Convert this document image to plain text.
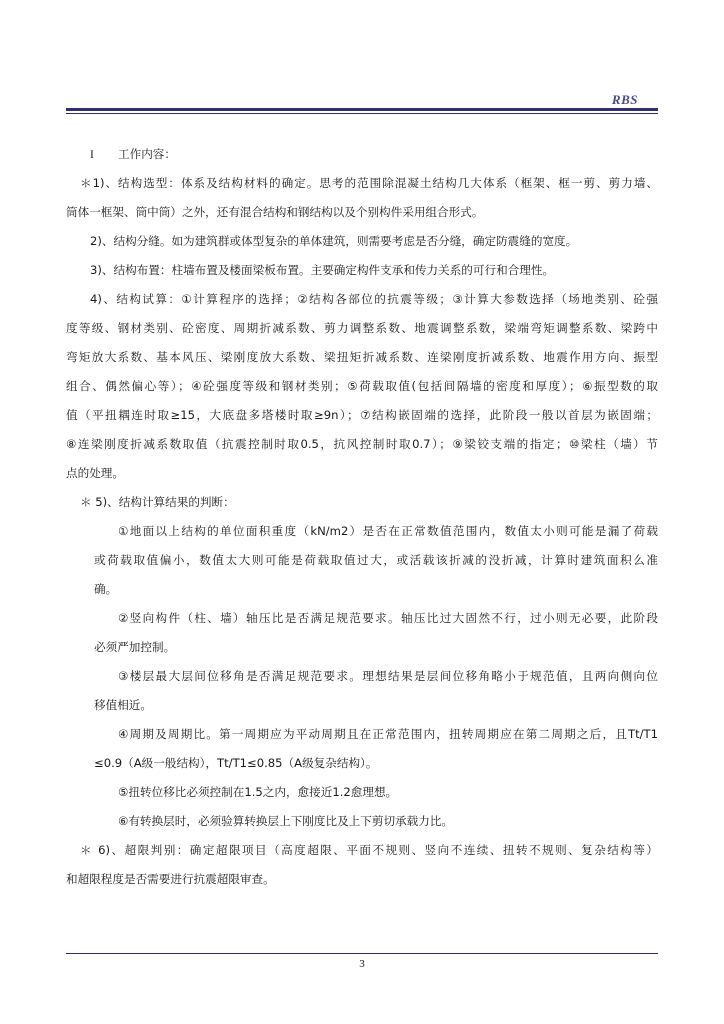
RBS

I 工作内容：

＊1)、结构选型：体系及结构材料的确定。思考的范围除混凝土结构几大体系（框架、框一剪、剪力墙、

筒体一框架、筒中筒）之外，还有混合结构和钢结构以及个别构件采用组合形式。

2)、结构分缝。如为建筑群或体型复杂的单体建筑，则需要考虑是否分缝，确定防震缝的宽度。

3)、结构布置：柱墙布置及楼面梁板布置。主要确定构件支承和传力关系的可行和合理性。

4)、结构试算：①计算程序的选择；②结构各部位的抗震等级；③计算大参数选择（场地类别、砼强

度等级、钢材类别、砼密度、周期折减系数、剪力调整系数、地震调整系数，梁端弯矩调整系数、梁跨中

弯矩放大系数、基本风压、梁刚度放大系数、梁扭矩折减系数、连梁刚度折减系数、地震作用方向、振型

组合、偶然偏心等）；④砼强度等级和钢材类别；⑤荷载取值(包括间隔墙的密度和厚度）；⑥振型数的取

值（平扭耦连时取≥15，大底盘多塔楼时取≥9n）；⑦结构嵌固端的选择，此阶段一般以首层为嵌固端；

⑧连梁刚度折减系数取值（抗震控制时取0.5，抗风控制时取0.7）；⑨梁铰支端的指定；⑩梁柱（墙）节

点的处理。

＊ 5)、结构计算结果的判断：

①地面以上结构的单位面积重度（kN/m2）是否在正常数值范围内，数值太小则可能是漏了荷载

或荷载取值偏小，数值太大则可能是荷载取值过大，或活载该折减的没折减，计算时建筑面积么准

确。

②竖向构件（柱、墙）轴压比是否满足规范要求。轴压比过大固然不行，过小则无必要，此阶段

必须严加控制。

③楼层最大层间位移角是否满足规范要求。理想结果是层间位移角略小于规范值，且两向侧向位

移值相近。

④周期及周期比。第一周期应为平动周期且在正常范围内，扭转周期应在第二周期之后，且Tt/T1

≤0.9（A级一般结构），Tt/T1≤0.85（A级复杂结构）。

⑤扭转位移比必须控制在1.5之内，愈接近1.2愈理想。

⑥有转换层时，必须验算转换层上下刚度比及上下剪切承载力比。

＊ 6)、超限判别：确定超限项目（高度超限、平面不规则、竖向不连续、扭转不规则、复杂结构等）

和超限程度是否需要进行抗震超限审查。

3
